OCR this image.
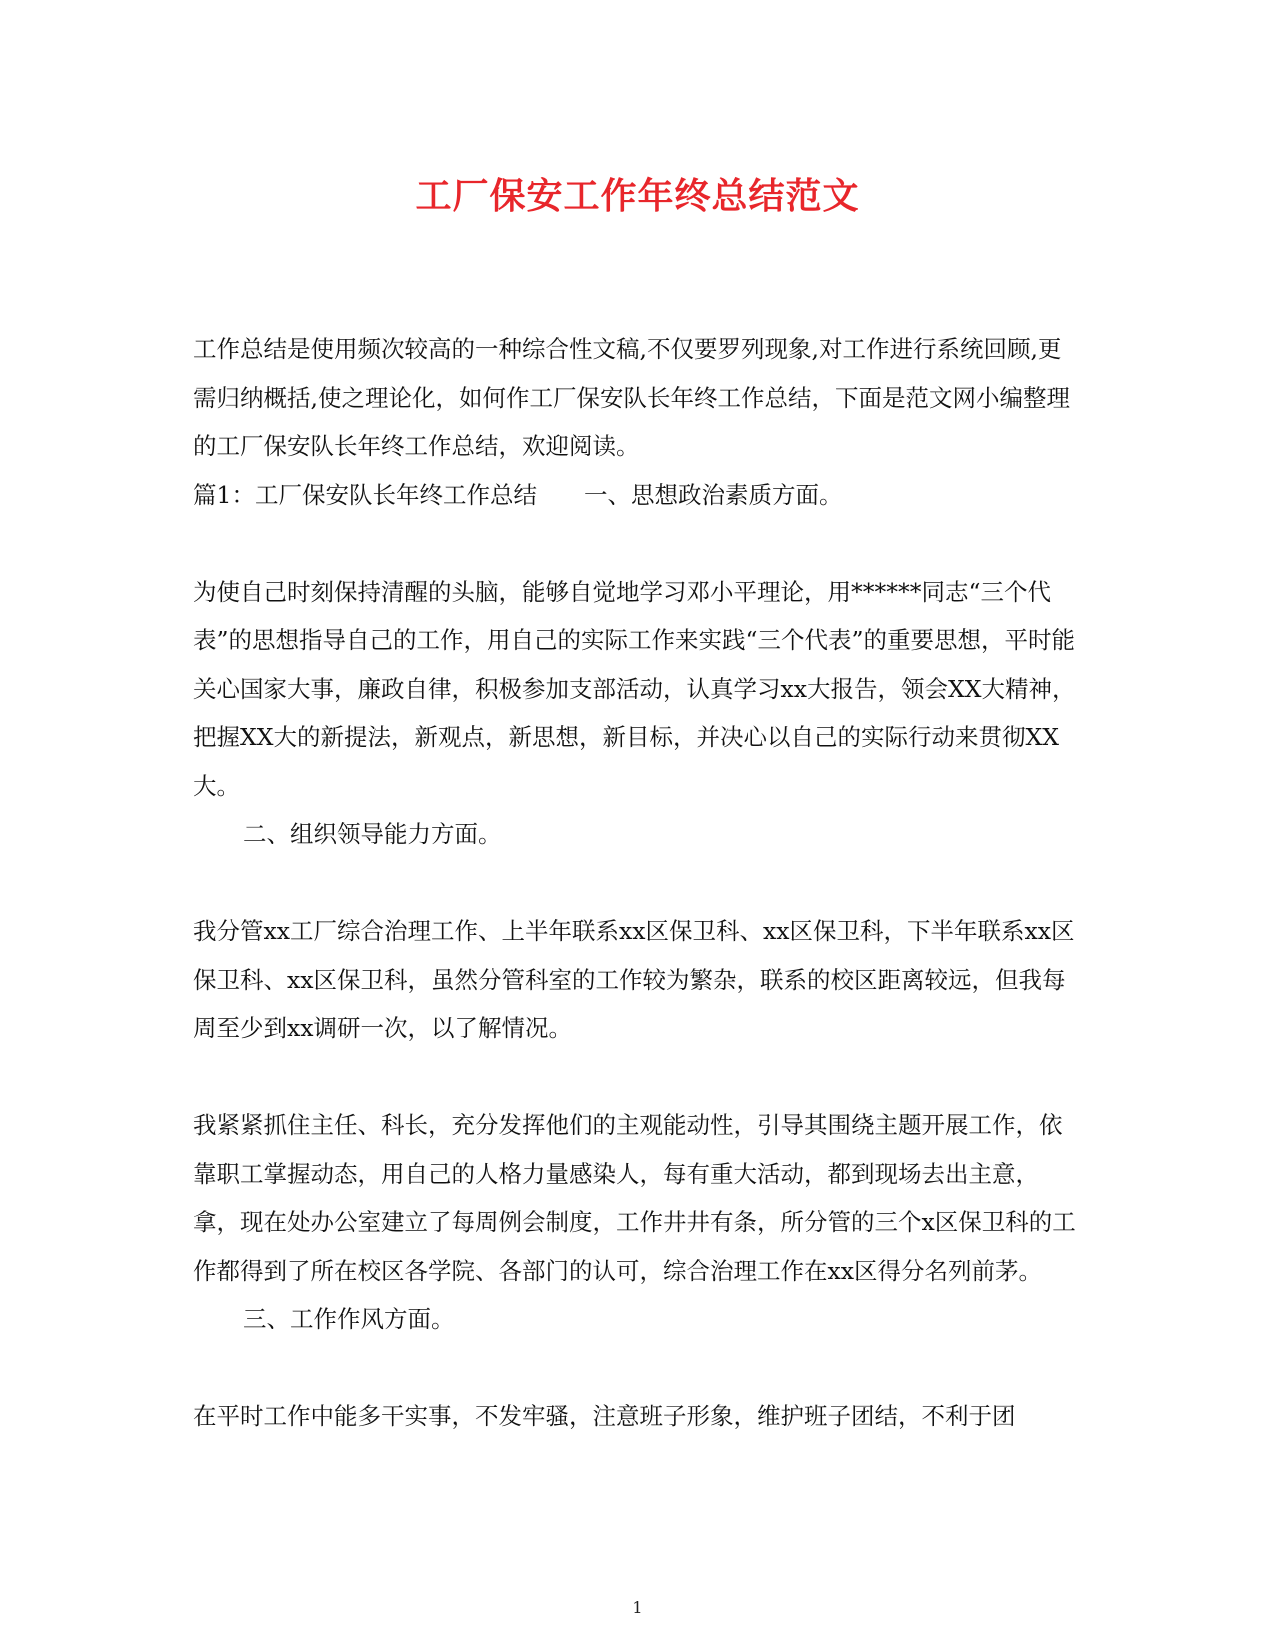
工厂保安工作年终总结范文

工作总结是使用频次较高的一种综合性文稿,不仅要罗列现象,对工作进行系统回顾,更需归纳概括,使之理论化，如何作工厂保安队长年终工作总结，下面是范文网小编整理的工厂保安队长年终工作总结，欢迎阅读。

篇1：工厂保安队长年终工作总结　　一、思想政治素质方面。

为使自己时刻保持清醒的头脑，能够自觉地学习邓小平理论，用******同志“三个代表”的思想指导自己的工作，用自己的实际工作来实践“三个代表”的重要思想，平时能关心国家大事，廉政自律，积极参加支部活动，认真学习xx大报告，领会XX大精神，把握XX大的新提法，新观点，新思想，新目标，并决心以自己的实际行动来贯彻XX大。

二、组织领导能力方面。

我分管xx工厂综合治理工作、上半年联系xx区保卫科、xx区保卫科，下半年联系xx区保卫科、xx区保卫科，虽然分管科室的工作较为繁杂，联系的校区距离较远，但我每周至少到xx调研一次，以了解情况。

我紧紧抓住主任、科长，充分发挥他们的主观能动性，引导其围绕主题开展工作，依靠职工掌握动态，用自己的人格力量感染人，每有重大活动，都到现场去出主意，拿，现在处办公室建立了每周例会制度，工作井井有条，所分管的三个x区保卫科的工作都得到了所在校区各学院、各部门的认可，综合治理工作在xx区得分名列前茅。

三、工作作风方面。

在平时工作中能多干实事，不发牢骚，注意班子形象，维护班子团结，不利于团

1
